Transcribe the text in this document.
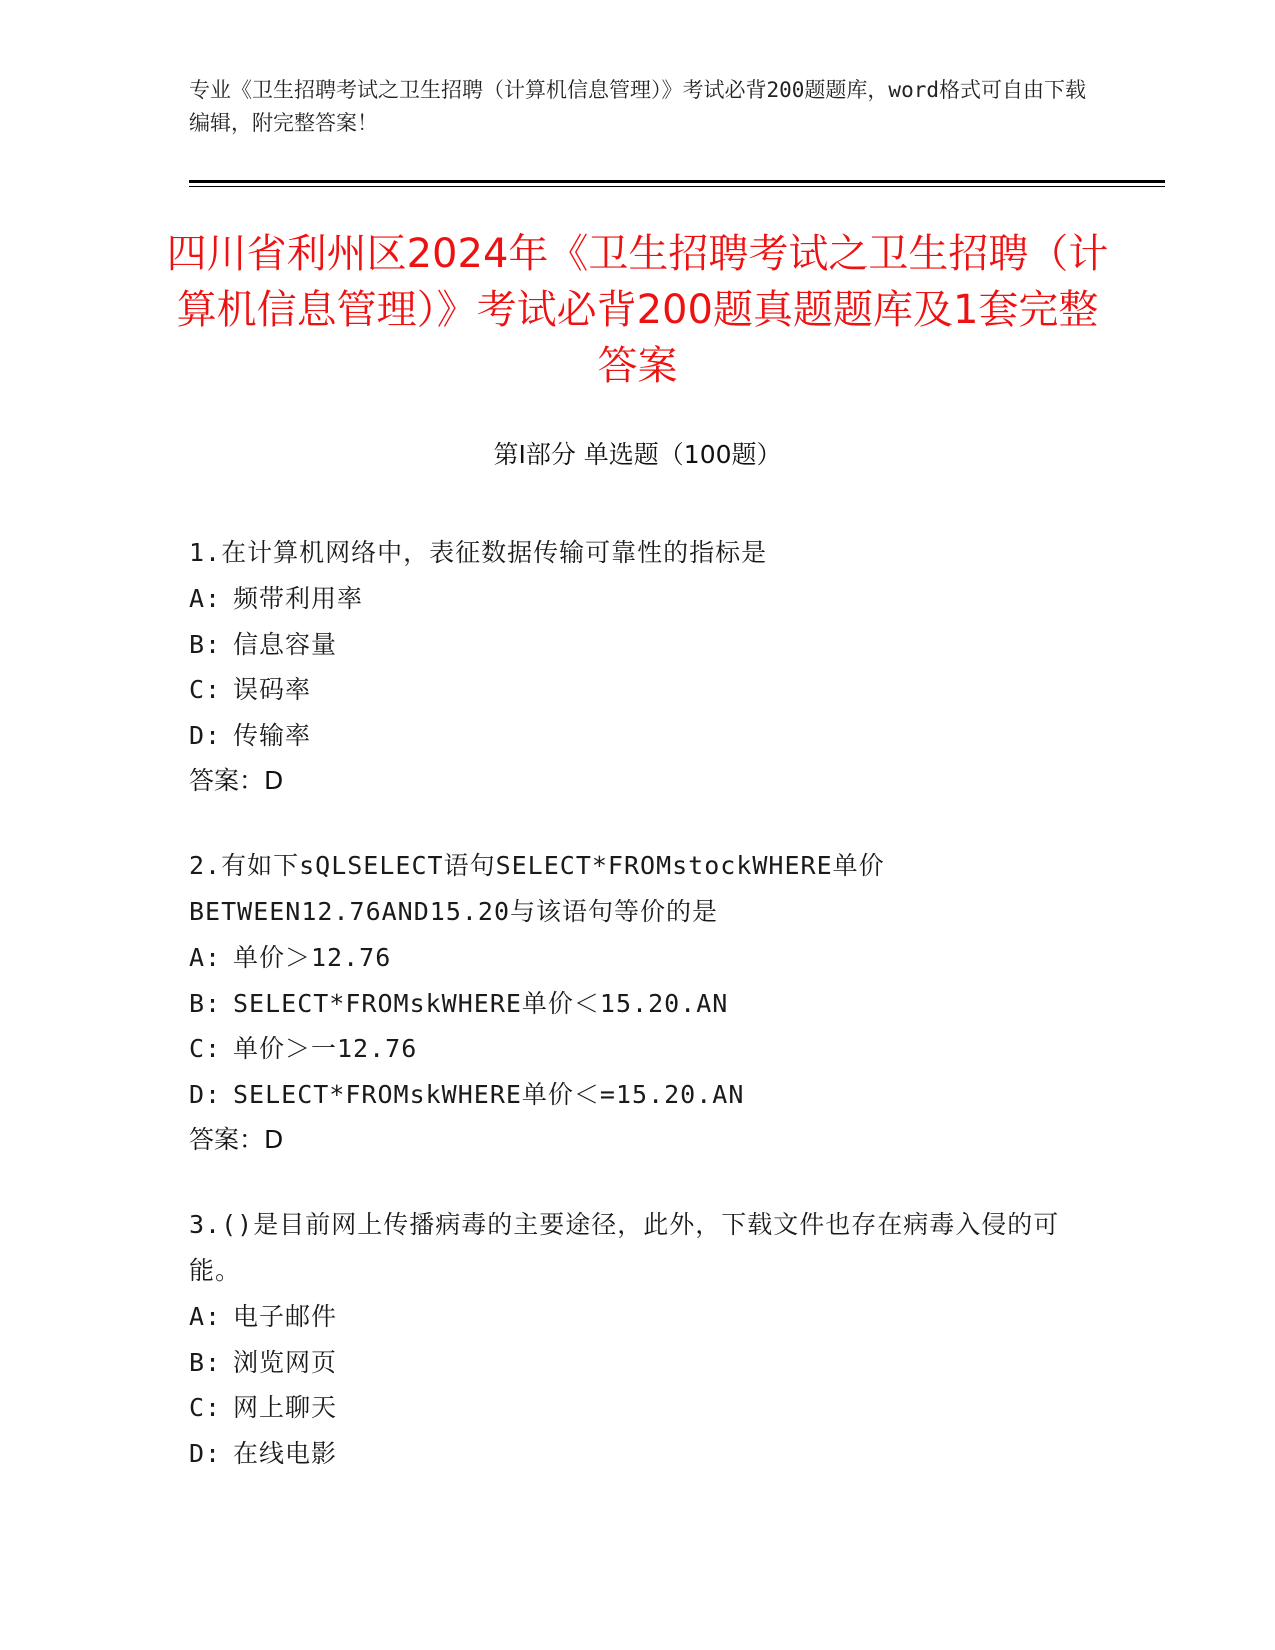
专业《卫生招聘考试之卫生招聘（计算机信息管理）》考试必背200题题库，word格式可自由下载编辑，附完整答案！
四川省利州区2024年《卫生招聘考试之卫生招聘（计算机信息管理）》考试必背200题真题题库及1套完整答案
第Ⅰ部分 单选题（100题）
1.在计算机网络中，表征数据传输可靠性的指标是
A: 频带利用率
B: 信息容量
C: 误码率
D: 传输率
答案：D
2.有如下sQLSELECT语句SELECT*FROMstockWHERE单价BETWEEN12.76AND15.20与该语句等价的是
A: 单价＞12.76
B: SELECT*FROMskWHERE单价＜15.20.AN
C: 单价＞一12.76
D: SELECT*FROMskWHERE单价＜=15.20.AN
答案：D
3.()是目前网上传播病毒的主要途径，此外，下载文件也存在病毒入侵的可能。
A: 电子邮件
B: 浏览网页
C: 网上聊天
D: 在线电影
